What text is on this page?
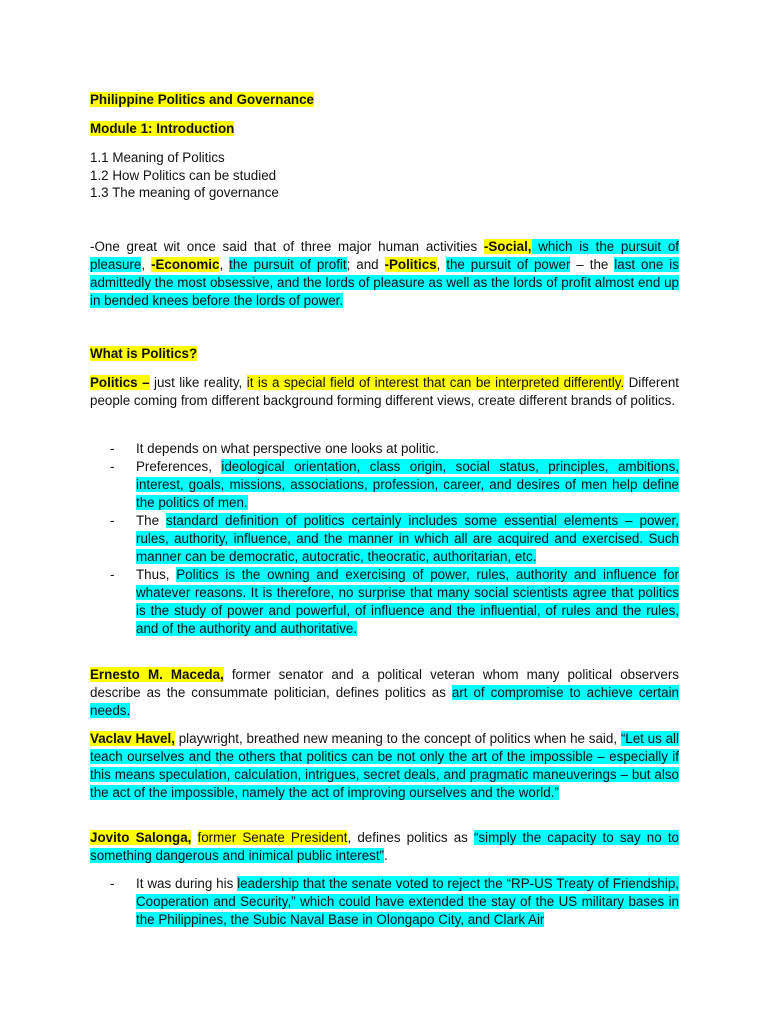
Philippine Politics and Governance
Module 1: Introduction
1.1 Meaning of Politics
1.2 How Politics can be studied
1.3 The meaning of governance

-One great wit once said that of three major human activities -Social, which is the pursuit of pleasure, -Economic, the pursuit of profit; and -Politics, the pursuit of power – the last one is admittedly the most obsessive, and the lords of pleasure as well as the lords of profit almost end up in bended knees before the lords of power.

What is Politics?

Politics – just like reality, it is a special field of interest that can be interpreted differently. Different people coming from different background forming different views, create different brands of politics.

-	It depends on what perspective one looks at politic.
-	Preferences, ideological orientation, class origin, social status, principles, ambitions, interest, goals, missions, associations, profession, career, and desires of men help define the politics of men.
-	The standard definition of politics certainly includes some essential elements – power, rules, authority, influence, and the manner in which all are acquired and exercised. Such manner can be democratic, autocratic, theocratic, authoritarian, etc.
-	Thus, Politics is the owning and exercising of power, rules, authority and influence for whatever reasons. It is therefore, no surprise that many social scientists agree that politics is the study of power and powerful, of influence and the influential, of rules and the rules, and of the authority and authoritative.

Ernesto M. Maceda, former senator and a political veteran whom many political observers describe as the consummate politician, defines politics as art of compromise to achieve certain needs.

Vaclav Havel, playwright, breathed new meaning to the concept of politics when he said, “Let us all teach ourselves and the others that politics can be not only the art of the impossible – especially if this means speculation, calculation, intrigues, secret deals, and pragmatic maneuverings – but also the act of the impossible, namely the act of improving ourselves and the world.”

Jovito Salonga, former Senate President, defines politics as “simply the capacity to say no to something dangerous and inimical public interest”.

-	It was during his leadership that the senate voted to reject the “RP-US Treaty of Friendship, Cooperation and Security,” which could have extended the stay of the US military bases in the Philippines, the Subic Naval Base in Olongapo City, and Clark Air
